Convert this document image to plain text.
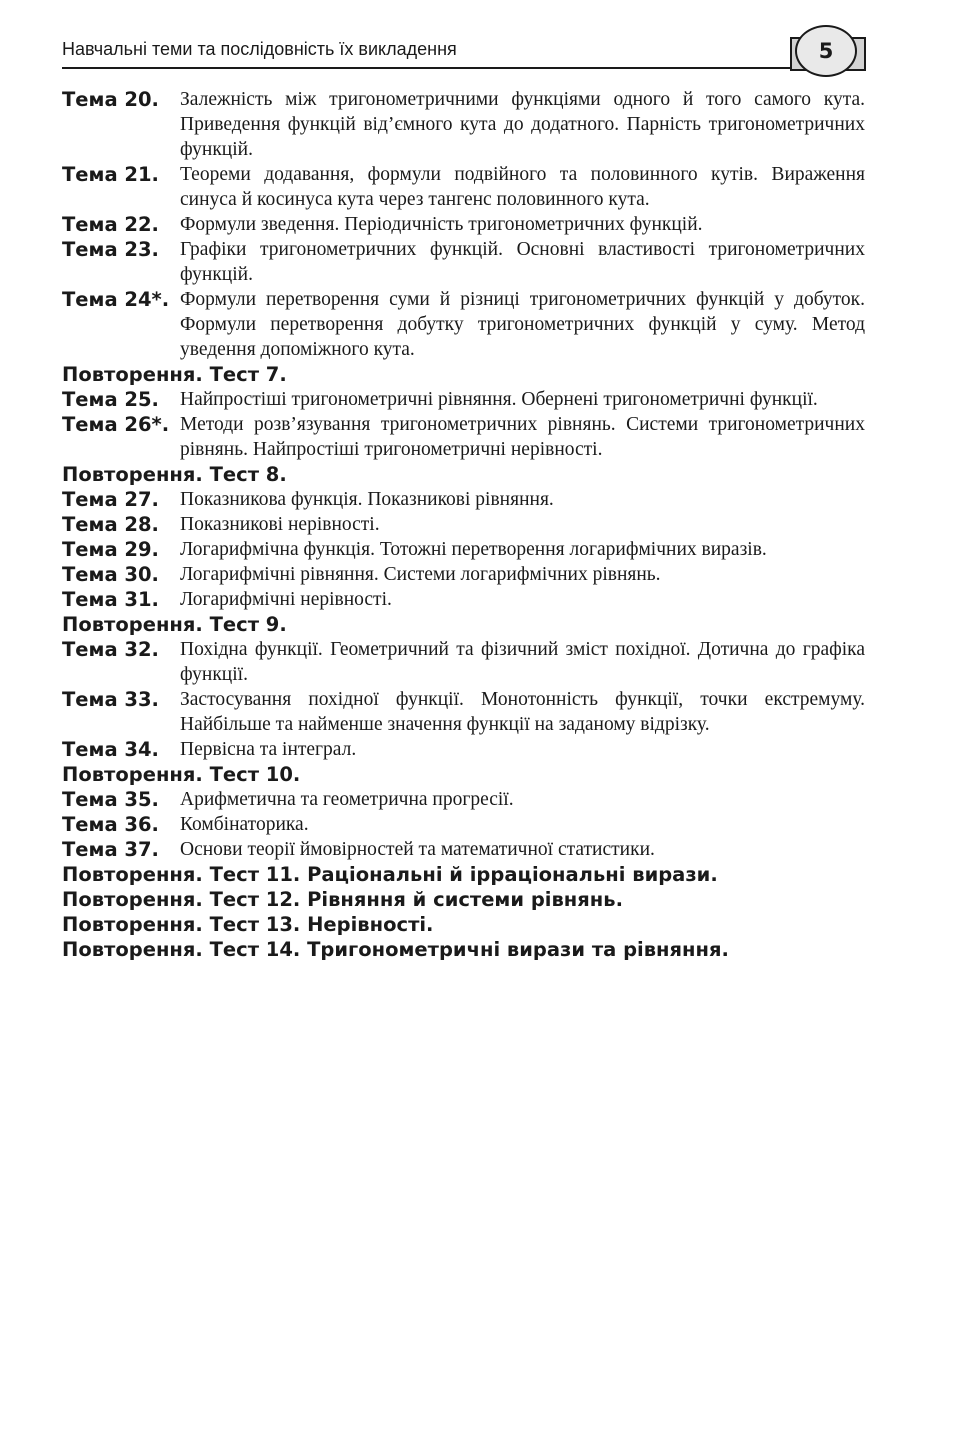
Навчальні теми та послідовність їх викладення	5
Тема 20.	Залежність між тригонометричними функціями одного й того самого кута. Приведення функцій від’ємного кута до додатного. Парність тригонометричних функцій.
Тема 21.	Теореми додавання, формули подвійного та половинного кутів. Вираження синуса й косинуса кута через тангенс половинного кута.
Тема 22.	Формули зведення. Періодичність тригонометричних функцій.
Тема 23.	Графіки тригонометричних функцій. Основні властивості тригонометричних функцій.
Тема 24*. Формули перетворення суми й різниці тригонометричних функцій у добуток. Формули перетворення добутку тригонометричних функцій у суму. Метод уведення допоміжного кута.
Повторення. Тест 7.
Тема 25.	Найпростіші тригонометричні рівняння. Обернені тригонометричні функції.
Тема 26*. Методи розв’язування тригонометричних рівнянь. Системи тригонометричних рівнянь. Найпростіші тригонометричні нерівності.
Повторення. Тест 8.
Тема 27.	Показникова функція. Показникові рівняння.
Тема 28.	Показникові нерівності.
Тема 29.	Логарифмічна функція. Тотожні перетворення логарифмічних виразів.
Тема 30.	Логарифмічні рівняння. Системи логарифмічних рівнянь.
Тема 31.	Логарифмічні нерівності.
Повторення. Тест 9.
Тема 32.	Похідна функції. Геометричний та фізичний зміст похідної. Дотична до графіка функції.
Тема 33.	Застосування похідної функції. Монотонність функції, точки екстремуму. Найбільше та найменше значення функції на заданому відрізку.
Тема 34.	Первісна та інтеграл.
Повторення. Тест 10.
Тема 35.	Арифметична та геометрична прогресії.
Тема 36.	Комбінаторика.
Тема 37.	Основи теорії ймовірностей та математичної статистики.
Повторення. Тест 11. Раціональні й ірраціональні вирази.
Повторення. Тест 12. Рівняння й системи рівнянь.
Повторення. Тест 13. Нерівності.
Повторення. Тест 14. Тригонометричні вирази та рівняння.
